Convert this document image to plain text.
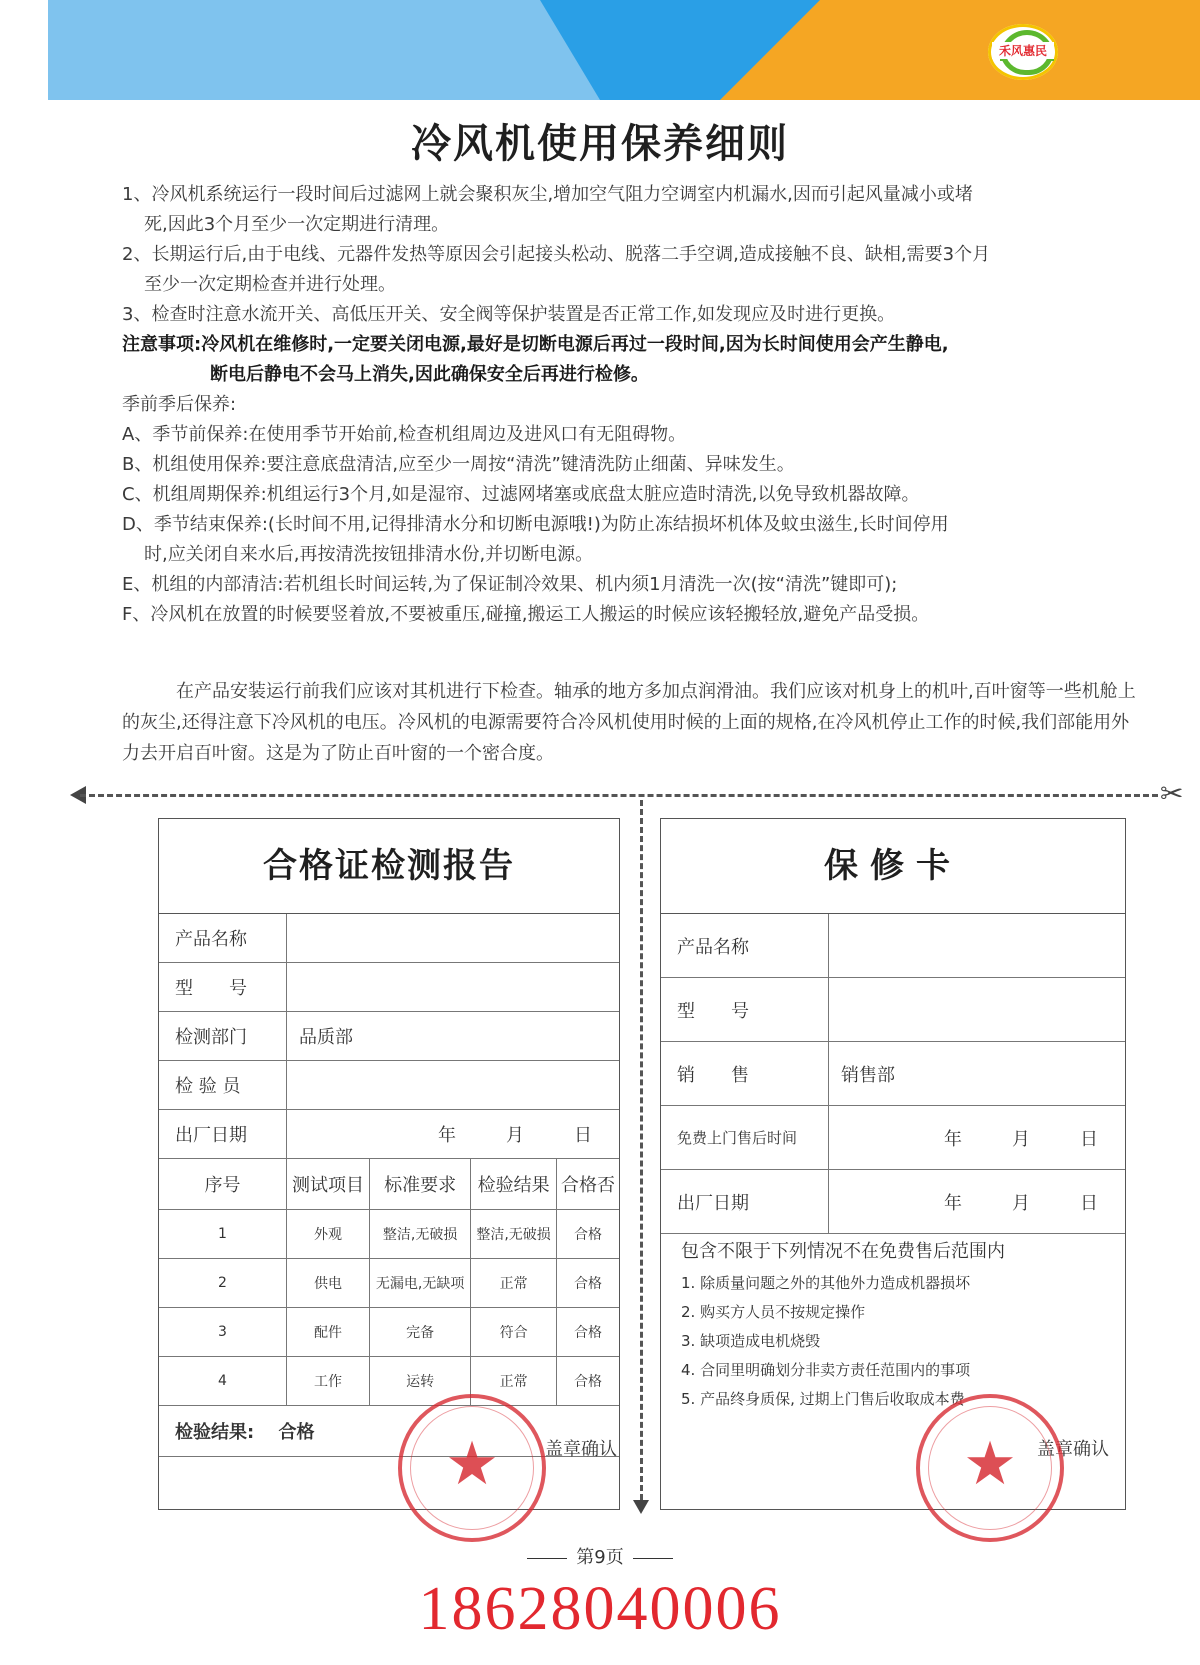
禾风惠民
冷风机使用保养细则

1、冷风机系统运行一段时间后过滤网上就会聚积灰尘,增加空气阻力空调室内机漏水,因而引起风量减小或堵

死,因此3个月至少一次定期进行清理。

2、长期运行后,由于电线、元器件发热等原因会引起接头松动、脱落二手空调,造成接触不良、缺相,需要3个月

至少一次定期检查并进行处理。

3、检查时注意水流开关、高低压开关、安全阀等保护装置是否正常工作,如发现应及时进行更换。

注意事项:冷风机在维修时,一定要关闭电源,最好是切断电源后再过一段时间,因为长时间使用会产生静电,

断电后静电不会马上消失,因此确保安全后再进行检修。

季前季后保养:

A、季节前保养:在使用季节开始前,检查机组周边及进风口有无阻碍物。

B、机组使用保养:要注意底盘清洁,应至少一周按“清洗”键清洗防止细菌、异味发生。

C、机组周期保养:机组运行3个月,如是湿帘、过滤网堵塞或底盘太脏应造时清洗,以免导致机器故障。

D、季节结束保养:(长时间不用,记得排清水分和切断电源哦!)为防止冻结损坏机体及蚊虫滋生,长时间停用

时,应关闭自来水后,再按清洗按钮排清水份,并切断电源。

E、机组的内部清洁:若机组长时间运转,为了保证制冷效果、机内须1月清洗一次(按“清洗”键即可);

F、冷风机在放置的时候要竖着放,不要被重压,碰撞,搬运工人搬运的时候应该轻搬轻放,避免产品受损。

在产品安装运行前我们应该对其机进行下检查。轴承的地方多加点润滑油。我们应该对机身上的机叶,百叶窗等一些机舱上的灰尘,还得注意下冷风机的电压。冷风机的电源需要符合冷风机使用时候的上面的规格,在冷风机停止工作的时候,我们部能用外力去开启百叶窗。这是为了防止百叶窗的一个密合度。
✂
合格证检测报告
产品名称				
型　　号				
检测部门	品质部			
检 验 员				
出厂日期	年 月 日			

序号	测试项目	标准要求	检验结果	合格否
1	外观	整洁,无破损	整洁,无破损	合格
2	供电	无漏电,无缺项	正常	合格
3	配件	完备	符合	合格
4	工作	运转	正常	合格
检验结果: 合格				

盖章确认
保修卡
产品名称	
型　　号	
销　　售	销售部
免费上门售后时间	年 月 日

出厂日期	年 月 日
包含不限于下列情况不在免费售后范围内
1. 除质量问题之外的其他外力造成机器损坏
2. 购买方人员不按规定操作
3. 缺项造成电机烧毁
4. 合同里明确划分非卖方责任范围内的事项
5. 产品终身质保, 过期上门售后收取成本费
盖章确认
★	★
第9页
18628040006
